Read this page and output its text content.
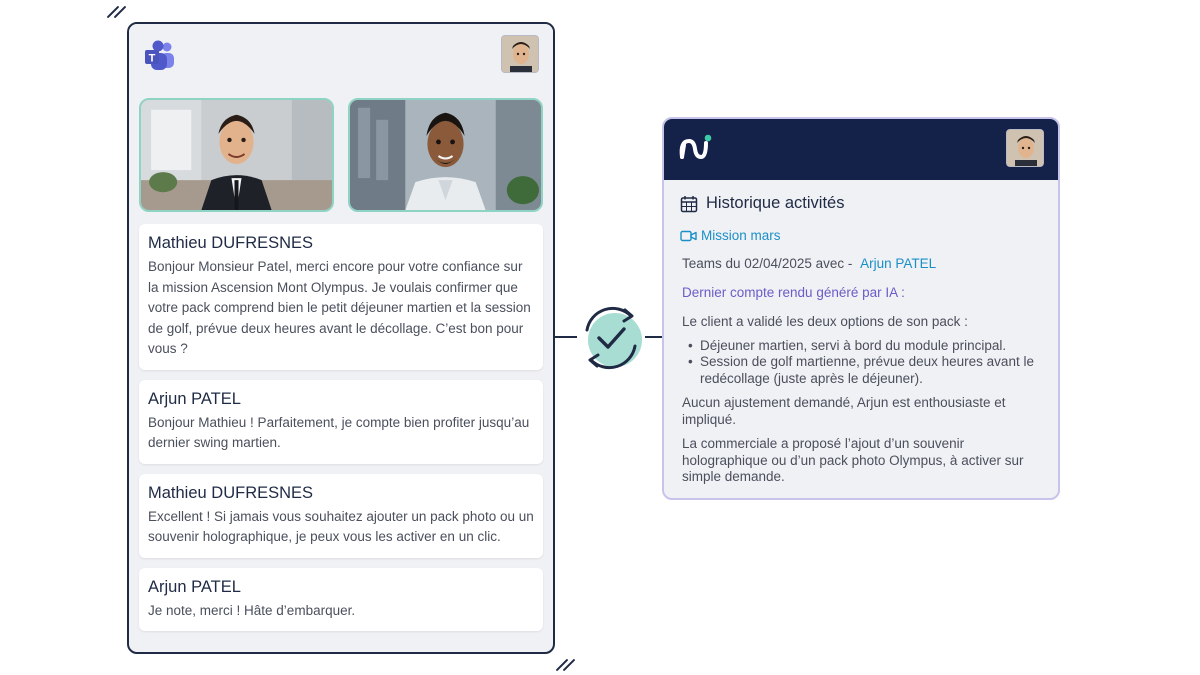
T
Mathieu DUFRESNES
Bonjour Monsieur Patel, merci encore pour votre confiance sur la mission Ascension Mont Olympus. Je voulais confirmer que votre pack comprend bien le petit déjeuner martien et la session de golf, prévue deux heures avant le décollage. C’est bon pour vous ?
Arjun PATEL
Bonjour Mathieu ! Parfaitement, je compte bien profiter jusqu’au dernier swing martien.
Mathieu DUFRESNES
Excellent ! Si jamais vous souhaitez ajouter un pack photo ou un souvenir holographique, je peux vous les activer en un clic.
Arjun PATEL
Je note, merci ! Hâte d’embarquer.
Historique activités
Mission mars
Teams du 02/04/2025 avec - Arjun PATEL
Dernier compte rendu généré par IA :
Le client a validé les deux options de son pack :
• Déjeuner martien, servi à bord du module principal.
• Session de golf martienne, prévue deux heures avant le redécollage (juste après le déjeuner).
Aucun ajustement demandé, Arjun est enthousiaste et impliqué.
La commerciale a proposé l’ajout d’un souvenir holographique ou d’un pack photo Olympus, à activer sur simple demande.
